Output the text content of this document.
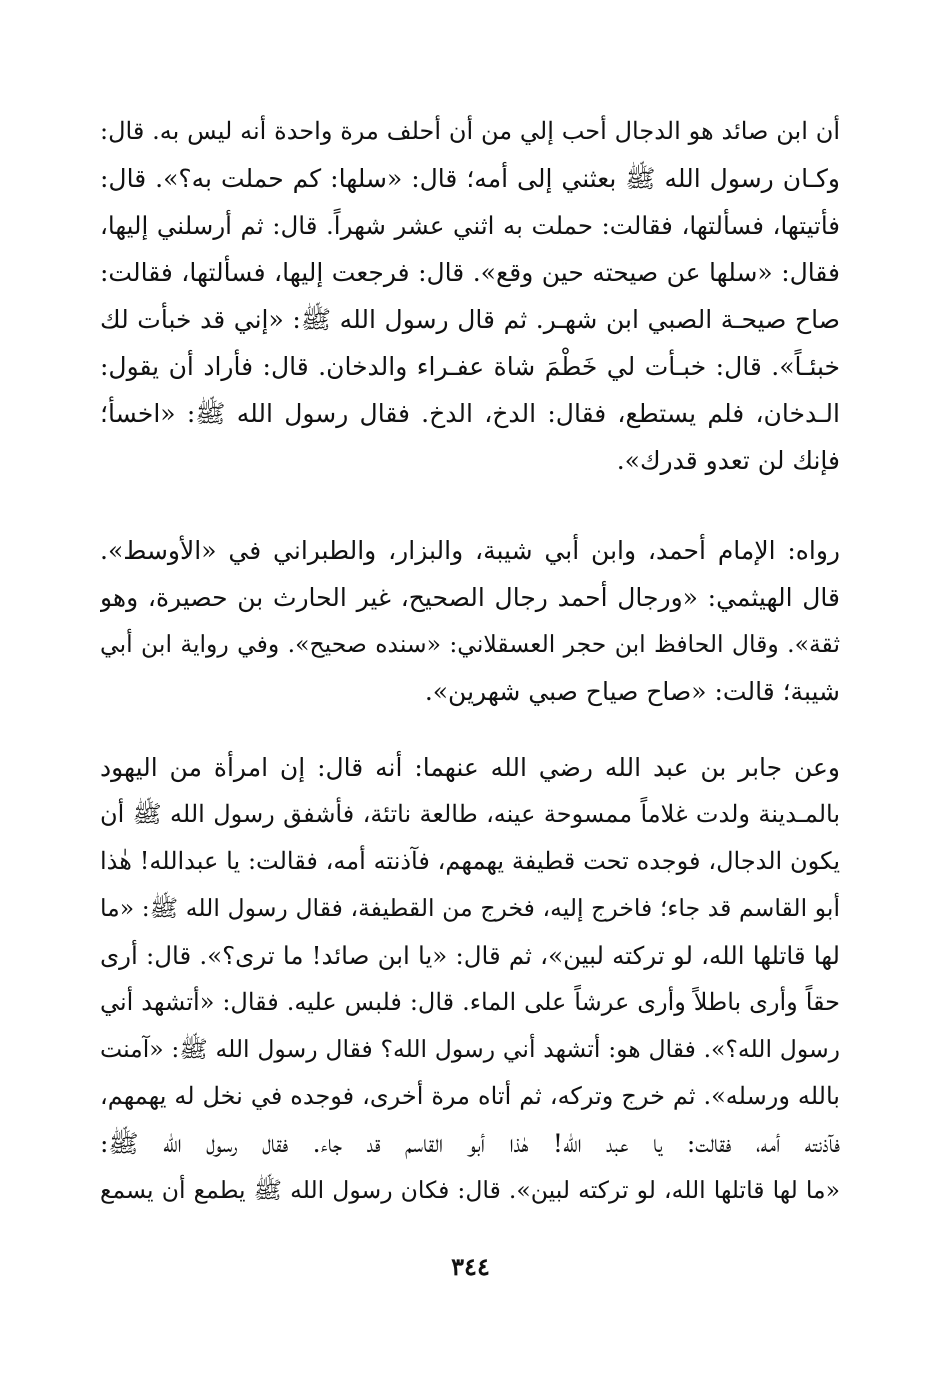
أن ابن صائد هو الدجال أحب إلي من أن أحلف مرة واحدة أنه ليس به. قال:
وكـان رسول الله ﷺ بعثني إلى أمه؛ قال: «سلها: كم حملت به؟». قال:
فأتيتها، فسألتها، فقالت: حملت به اثني عشر شهراً. قال: ثم أرسلني إليها،
فقال: «سلها عن صيحته حين وقع». قال: فرجعت إليها، فسألتها، فقالت:
صاح صيحـة الصبي ابن شهـر. ثم قال رسول الله ﷺ: «إني قد خبأت لك
خبئـاً». قال: خبـأت لي خَطْمَ شاة عفـراء والدخان. قال: فأراد أن يقول:
الـدخان، فلم يستطع، فقال: الدخ، الدخ. فقال رسول الله ﷺ: «اخسأ؛
فإنك لن تعدو قدرك».
رواه: الإمام أحمد، وابن أبي شيبة، والبزار، والطبراني في «الأوسط».
قال الهيثمي: «ورجال أحمد رجال الصحيح، غير الحارث بن حصيرة، وهو
ثقة». وقال الحافظ ابن حجر العسقلاني: «سنده صحيح». وفي رواية ابن أبي
شيبة؛ قالت: «صاح صياح صبي شهرين».
وعن جابر بن عبد الله رضي الله عنهما: أنه قال: إن امرأة من اليهود
بالمـدينة ولدت غلاماً ممسوحة عينه، طالعة ناتئة، فأشفق رسول الله ﷺ أن
يكون الدجال، فوجده تحت قطيفة يهمهم، فآذنته أمه، فقالت: يا عبدالله! هٰذا
أبو القاسم قد جاء؛ فاخرج إليه، فخرج من القطيفة، فقال رسول الله ﷺ: «ما
لها قاتلها الله، لو تركته لبين»، ثم قال: «يا ابن صائد! ما ترى؟». قال: أرى
حقاً وأرى باطلاً وأرى عرشاً على الماء. قال: فلبس عليه. فقال: «أتشهد أني
رسول الله؟». فقال هو: أتشهد أني رسول الله؟ فقال رسول الله ﷺ: «آمنت
بالله ورسله». ثم خرج وتركه، ثم أتاه مرة أخرى، فوجده في نخل له يهمهم،
فآذنته أمه، فقالت: يا عبد الله! هٰذا أبو القاسم قد جاء. فقال رسول الله ﷺ:
«ما لها قاتلها الله، لو تركته لبين». قال: فكان رسول الله ﷺ يطمع أن يسمع
٣٤٤
